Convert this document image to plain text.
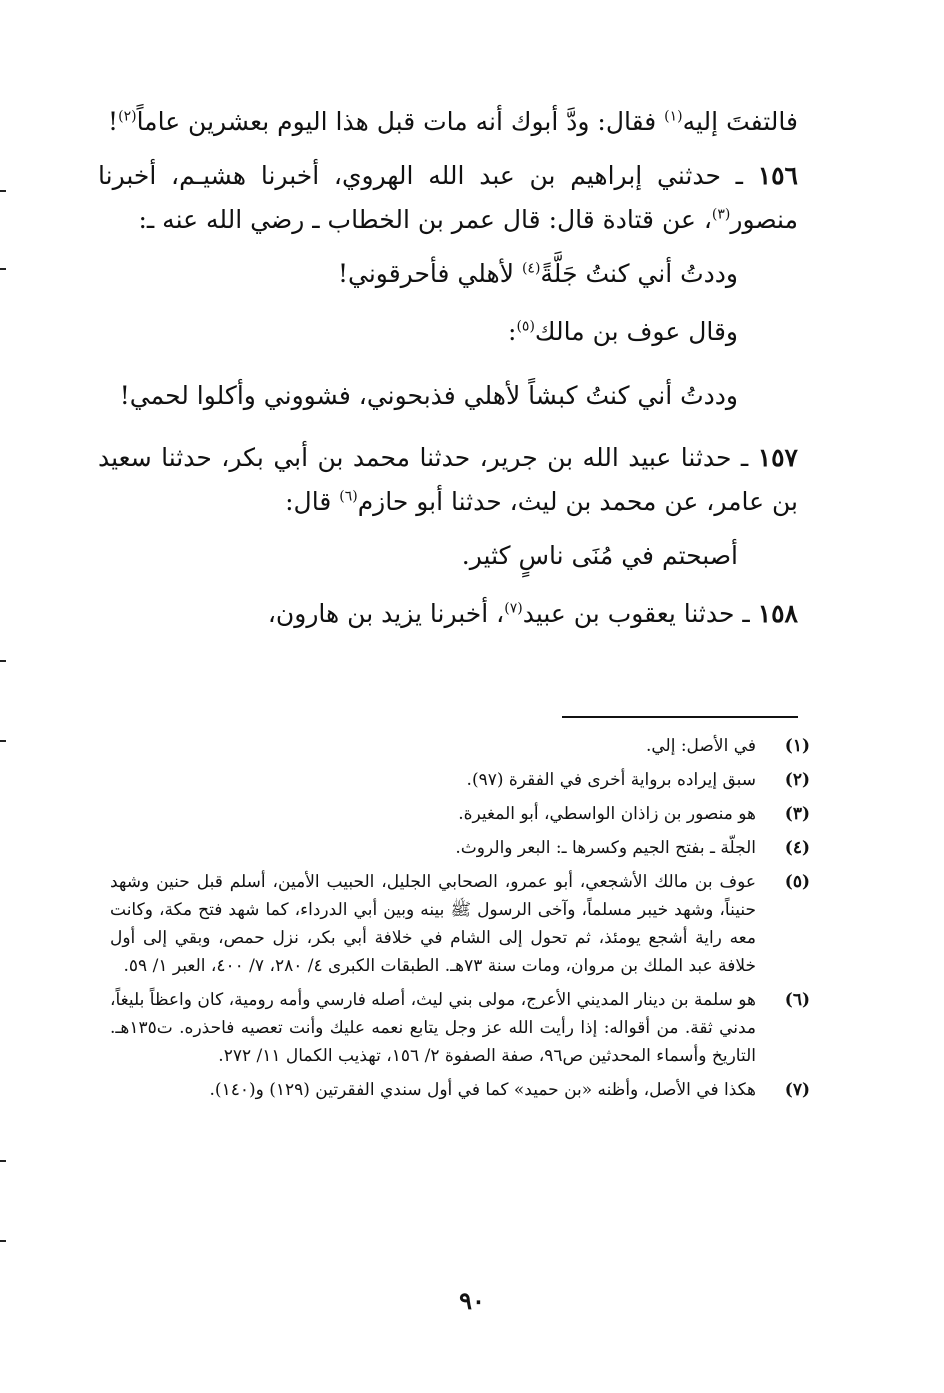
فالتفتَ إليه$^{(١)}$ فقال: ودَّ أبوك أنه مات قبل هذا اليوم بعشرين عاماً$^{(٢)}$!

١٥٦ ـ حدثني إبراهيم بن عبد الله الهروي، أخبرنا هشيـم، أخبرنا منصور$^{(٣)}$، عن قتادة قال: قال عمر بن الخطاب ـ رضي الله عنه ـ:

وددتُ أني كنتُ جَلَّةً$^{(٤)}$ لأهلي فأحرقوني!

وقال عوف بن مالك$^{(٥)}$:

وددتُ أني كنتُ كبشاً لأهلي فذبحوني، فشووني وأكلوا لحمي!

١٥٧ ـ حدثنا عبيد الله بن جرير، حدثنا محمد بن أبي بكر، حدثنا سعيد بن عامر، عن محمد بن ليث، حدثنا أبو حازم$^{(٦)}$ قال:

أصبحتم في مُنَى ناسٍ كثير.

١٥٨ ـ حدثنا يعقوب بن عبيد$^{(٧)}$، أخبرنا يزيد بن هارون،

(١)
في الأصل: إلي.
(٢)
سبق إيراده برواية أخرى في الفقرة (٩٧).
(٣)
هو منصور بن زاذان الواسطي، أبو المغيرة.
(٤)
الجلّة ـ بفتح الجيم وكسرها ـ: البعر والروث.
(٥)
عوف بن مالك الأشجعي، أبو عمرو، الصحابي الجليل، الحبيب الأمين، أسلم قبل حنين وشهد حنيناً، وشهد خيبر مسلماً، وآخى الرسول ﷺ بينه وبين أبي الدرداء، كما شهد فتح مكة، وكانت معه راية أشجع يومئذ، ثم تحول إلى الشام في خلافة أبي بكر، نزل حمص، وبقي إلى أول خلافة عبد الملك بن مروان، ومات سنة ٧٣هـ. الطبقات الكبرى ٤/ ٢٨٠، ٧/ ٤٠٠، العبر ١/ ٥٩.
(٦)
هو سلمة بن دينار المديني الأعرج، مولى بني ليث، أصله فارسي وأمه رومية، كان واعظاً بليغاً، مدني ثقة. من أقواله: إذا رأيت الله عز وجل يتابع نعمه عليك وأنت تعصيه فاحذره. ت١٣٥هـ. التاريخ وأسماء المحدثين ص٩٦، صفة الصفوة ٢/ ١٥٦، تهذيب الكمال ١١/ ٢٧٢.
(٧)
هكذا في الأصل، وأظنه «بن حميد» كما في أول سندي الفقرتين (١٢٩) و(١٤٠).
٩٠
